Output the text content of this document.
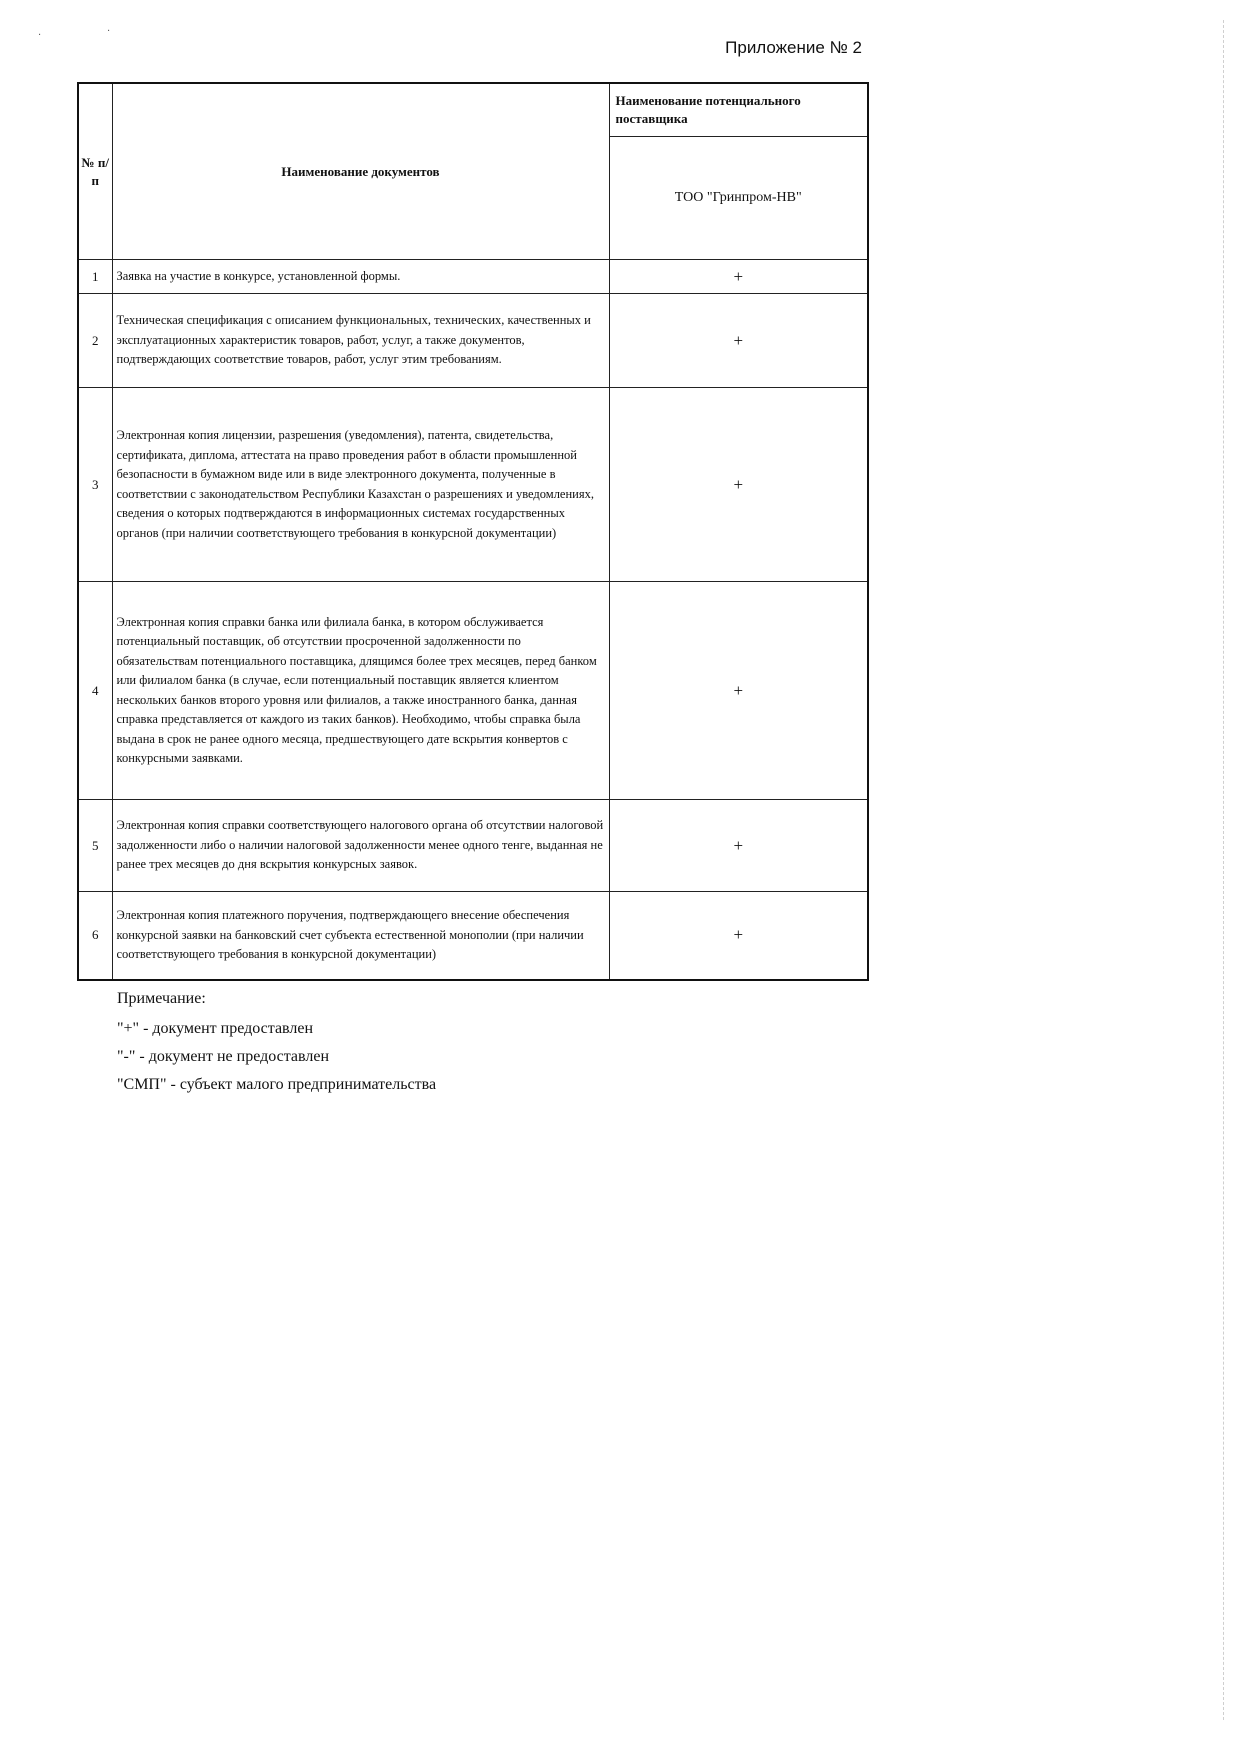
·	·
Приложение № 2
№ п/п	Наименование документов	Наименование потенциального поставщика
		ТОО "Гринпром-НВ"
1	Заявка на участие в конкурсе, установленной формы.	+
2	Техническая спецификация с описанием функциональных, технических, качественных и эксплуатационных характеристик товаров, работ, услуг, а также документов, подтверждающих соответствие товаров, работ, услуг этим требованиям.	+
3	Электронная копия лицензии, разрешения (уведомления), патента, свидетельства, сертификата, диплома, аттестата на право проведения работ в области промышленной безопасности в бумажном виде или в виде электронного документа, полученные в соответствии с законодательством Республики Казахстан о разрешениях и уведомлениях, сведения о которых подтверждаются в информационных системах государственных органов (при наличии соответствующего требования в конкурсной документации)	+
4	Электронная копия справки банка или филиала банка, в котором обслуживается потенциальный поставщик, об отсутствии просроченной задолженности по обязательствам потенциального поставщика, длящимся более трех месяцев, перед банком или филиалом банка (в случае, если потенциальный поставщик является клиентом нескольких банков второго уровня или филиалов, а также иностранного банка, данная справка представляется от каждого из таких банков). Необходимо, чтобы справка была выдана в срок не ранее одного месяца, предшествующего дате вскрытия конвертов с конкурсными заявками.	+
5	Электронная копия справки соответствующего налогового органа об отсутствии налоговой задолженности либо о наличии налоговой задолженности менее одного тенге, выданная не ранее трех месяцев до дня вскрытия конкурсных заявок.	+
6	Электронная копия платежного поручения, подтверждающего внесение обеспечения конкурсной заявки на банковский счет субъекта естественной монополии (при наличии соответствующего требования в конкурсной документации)	+
Примечание:
"+" - документ предоставлен
"-" - документ не предоставлен
"СМП" - субъект малого предпринимательства
